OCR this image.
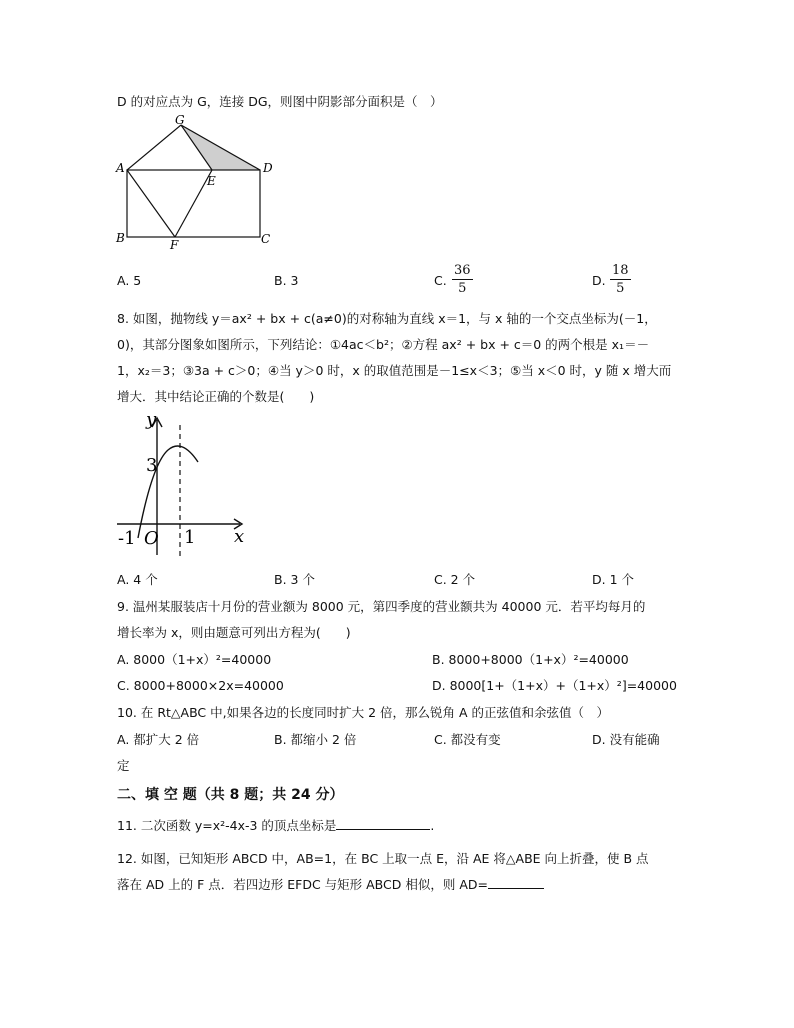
D 的对应点为 G，连接 DG，则图中阴影部分面积是（　）
G
A
E
D
B	F	C
A. 5	B. 3	C. $\frac{36}{5}$	D. $\frac{18}{5}$
8. 如图，抛物线 y＝ax² + bx + c(a≠0)的对称轴为直线 x＝1，与 x 轴的一个交点坐标为(－1，
0)，其部分图象如图所示，下列结论：①4ac＜b²；②方程 ax² + bx + c＝0 的两个根是 x₁＝－
1，x₂＝3；③3a + c＞0；④当 y＞0 时，x 的取值范围是－1≤x＜3；⑤当 x＜0 时，y 随 x 增大而
增大．其中结论正确的个数是(　　)
y
x
3
-1 O 1
A. 4 个	B. 3 个	C. 2 个	D. 1 个
9. 温州某服装店十月份的营业额为 8000 元，第四季度的营业额共为 40000 元．若平均每月的
增长率为 x，则由题意可列出方程为(　　)
A. 8000（1+x）²=40000	B. 8000+8000（1+x）²=40000
C. 8000+8000×2x=40000	D. 8000[1+（1+x）+（1+x）²]=40000
10. 在 Rt△ABC 中,如果各边的长度同时扩大 2 倍，那么锐角 A 的正弦值和余弦值（　）
A. 都扩大 2 倍	B. 都缩小 2 倍	C. 都没有变	D. 没有能确
定
二、填 空 题（共 8 题；共 24 分）
11. 二次函数 y=x²-4x-3 的顶点坐标是	.
12. 如图，已知矩形 ABCD 中，AB=1，在 BC 上取一点 E，沿 AE 将△ABE 向上折叠，使 B 点
落在 AD 上的 F 点．若四边形 EFDC 与矩形 ABCD 相似，则 AD=
